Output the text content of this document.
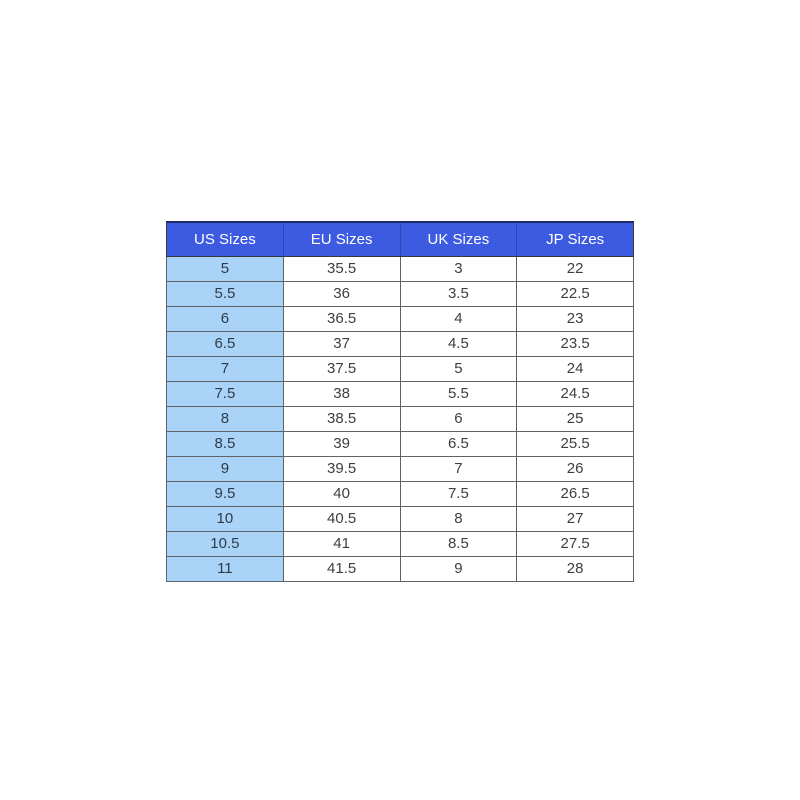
US Sizes	EU Sizes	UK Sizes	JP Sizes
5	35.5	3	22
5.5	36	3.5	22.5
6	36.5	4	23
6.5	37	4.5	23.5
7	37.5	5	24
7.5	38	5.5	24.5
8	38.5	6	25
8.5	39	6.5	25.5
9	39.5	7	26
9.5	40	7.5	26.5
10	40.5	8	27
10.5	41	8.5	27.5
11	41.5	9	28
